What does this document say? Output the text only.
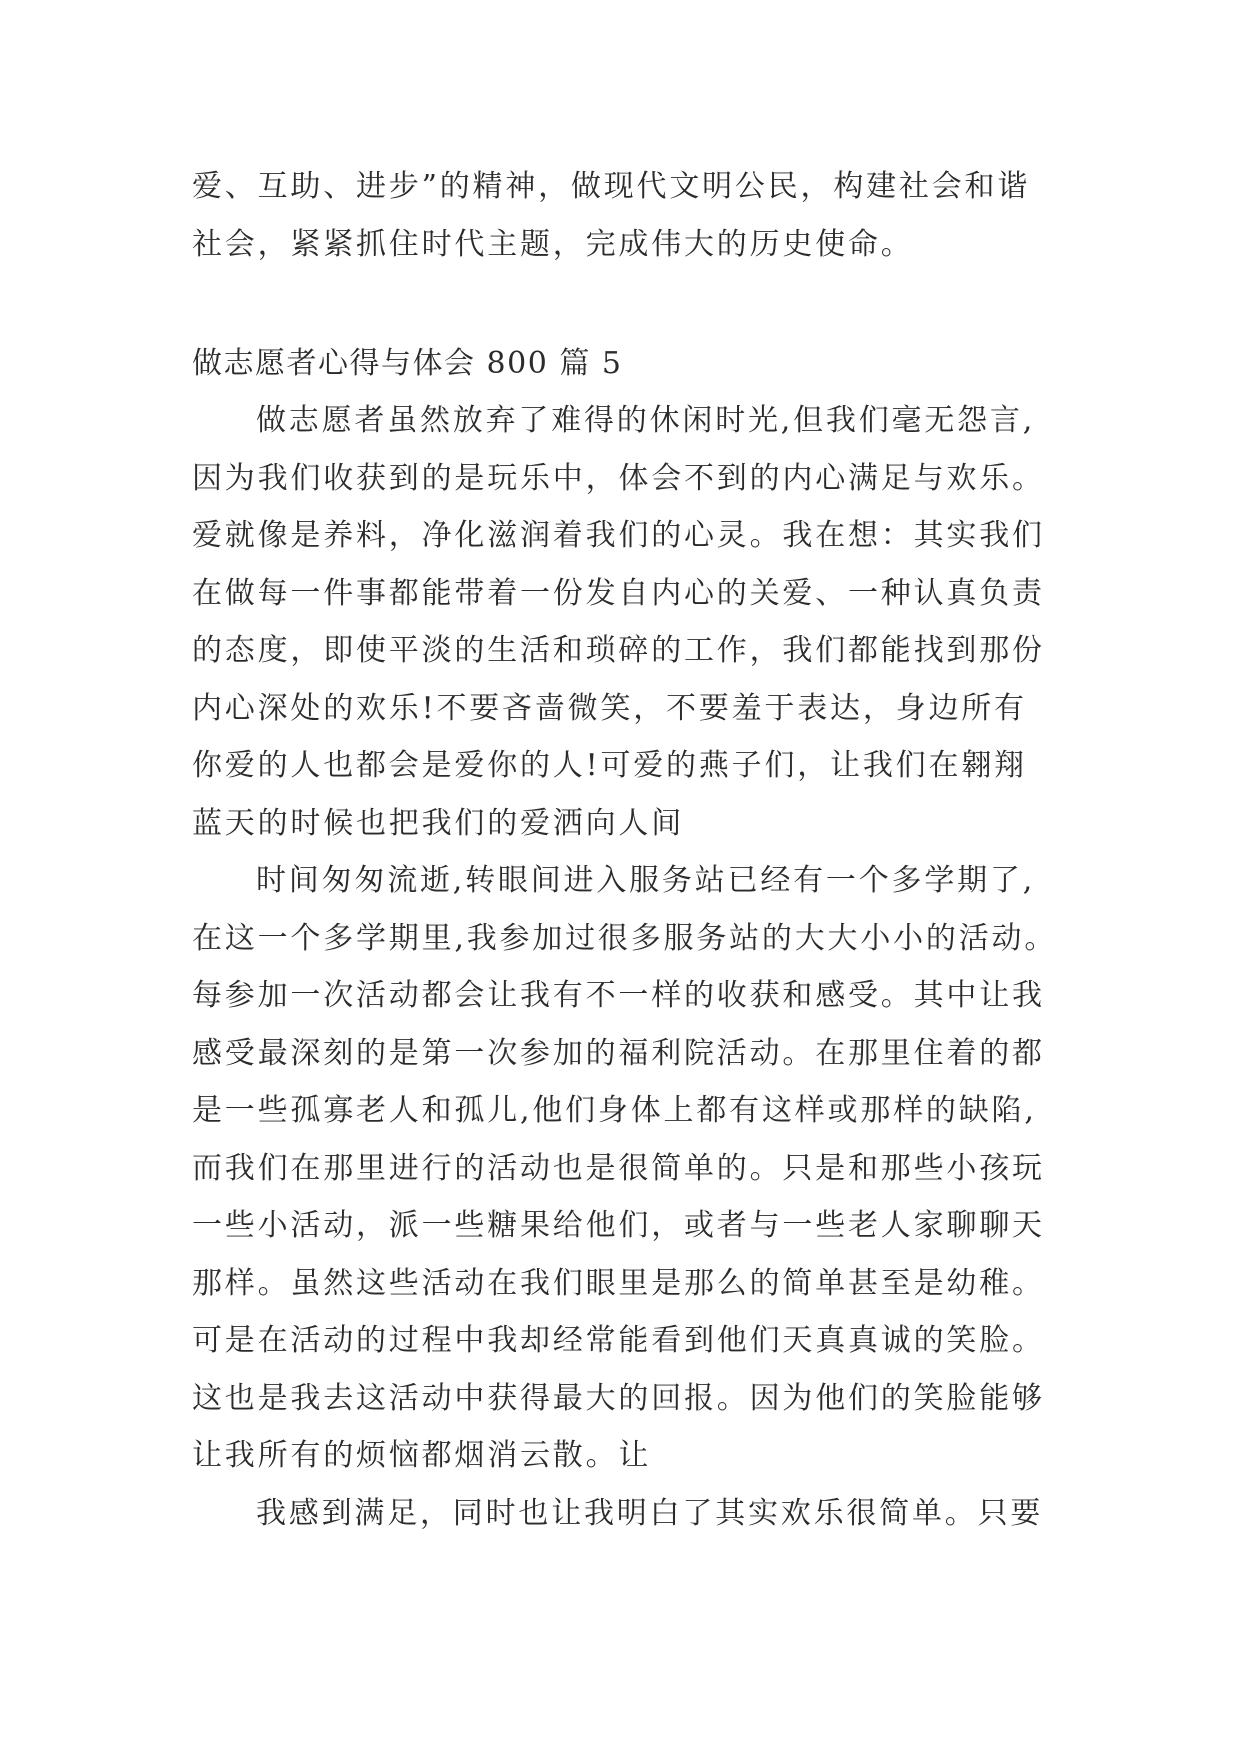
爱、互助、进步”的精神，做现代文明公民，构建社会和谐
社会，紧紧抓住时代主题，完成伟大的历史使命。
做志愿者心得与体会 800 篇 5
做志愿者虽然放弃了难得的休闲时光,但我们毫无怨言,
因为我们收获到的是玩乐中，体会不到的内心满足与欢乐。
爱就像是养料，净化滋润着我们的心灵。我在想：其实我们
在做每一件事都能带着一份发自内心的关爱、一种认真负责
的态度，即使平淡的生活和琐碎的工作，我们都能找到那份
内心深处的欢乐!不要吝啬微笑，不要羞于表达，身边所有
你爱的人也都会是爱你的人!可爱的燕子们，让我们在翱翔
蓝天的时候也把我们的爱洒向人间
时间匆匆流逝,转眼间进入服务站已经有一个多学期了,
在这一个多学期里,我参加过很多服务站的大大小小的活动。
每参加一次活动都会让我有不一样的收获和感受。其中让我
感受最深刻的是第一次参加的福利院活动。在那里住着的都
是一些孤寡老人和孤儿,他们身体上都有这样或那样的缺陷,
而我们在那里进行的活动也是很简单的。只是和那些小孩玩
一些小活动，派一些糖果给他们，或者与一些老人家聊聊天
那样。虽然这些活动在我们眼里是那么的简单甚至是幼稚。
可是在活动的过程中我却经常能看到他们天真真诚的笑脸。
这也是我去这活动中获得最大的回报。因为他们的笑脸能够
让我所有的烦恼都烟消云散。让
我感到满足，同时也让我明白了其实欢乐很简单。只要
